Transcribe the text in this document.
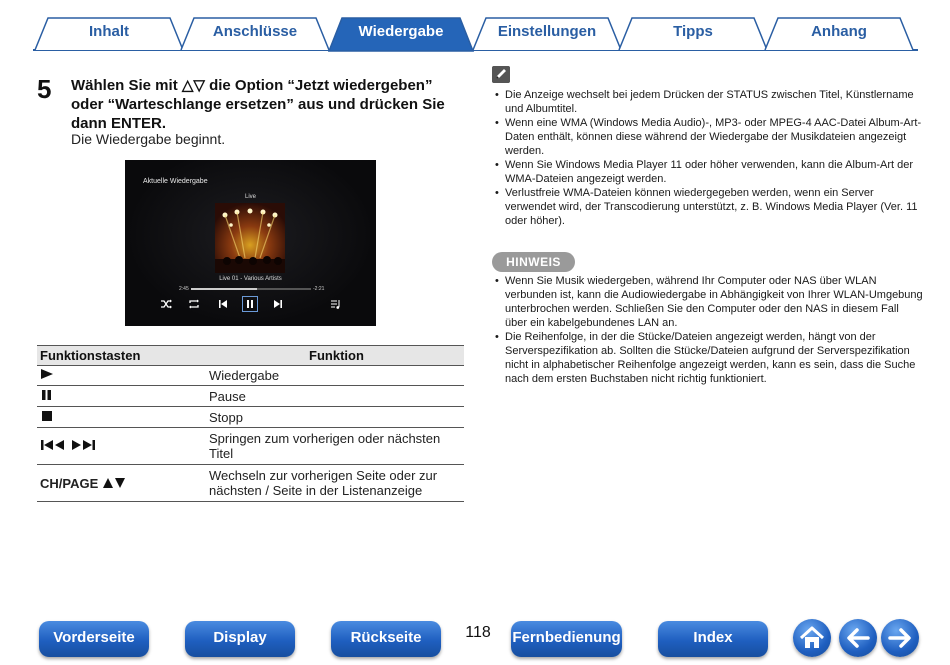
Inhalt	Anschlüsse	Wiedergabe	Einstellungen	Tipps	Anhang
5 Wählen Sie mit △▽ die Option “Jetzt wiedergeben” oder “Warteschlange ersetzen” aus und drücken Sie dann ENTER.
Die Wiedergabe beginnt.
Aktuelle Wiedergabe
Live
Live 01 - Various Artists
2:45	-2:21
Funktionstasten	Funktion
	Wiedergabe
	Pause
	Stopp
	Springen zum vorherigen oder nächsten Titel
CH/PAGE	Wechseln zur vorherigen Seite oder zur nächsten / Seite in der Listenanzeige
• Die Anzeige wechselt bei jedem Drücken der STATUS zwischen Titel, Künstlername und Albumtitel.
• Wenn eine WMA (Windows Media Audio)-, MP3- oder MPEG-4 AAC-Datei Album-Art-Daten enthält, können diese während der Wiedergabe der Musikdateien angezeigt werden.
• Wenn Sie Windows Media Player 11 oder höher verwenden, kann die Album-Art der WMA-Dateien angezeigt werden.
• Verlustfreie WMA-Dateien können wiedergegeben werden, wenn ein Server verwendet wird, der Transcodierung unterstützt, z. B. Windows Media Player (Ver. 11 oder höher).
HINWEIS
• Wenn Sie Musik wiedergeben, während Ihr Computer oder NAS über WLAN verbunden ist, kann die Audiowiedergabe in Abhängigkeit von Ihrer WLAN-Umgebung unterbrochen werden. Schließen Sie den Computer oder den NAS in diesem Fall über ein kabelgebundenes LAN an.
• Die Reihenfolge, in der die Stücke/Dateien angezeigt werden, hängt von der Serverspezifikation ab. Sollten die Stücke/Dateien aufgrund der Serverspezifikation nicht in alphabetischer Reihenfolge angezeigt werden, kann es sein, dass die Suche nach dem ersten Buchstaben nicht richtig funktioniert.
Vorderseite	Display	Rückseite	118	Fernbedienung	Index
